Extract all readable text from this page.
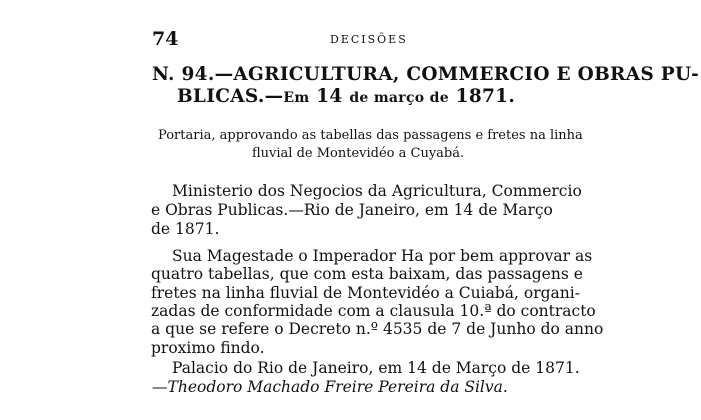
74	DECISÕES
N. 94.—AGRICULTURA, COMMERCIO E OBRAS PU-
BLICAS.—Em 14 de março de 1871.
Portaria, approvando as tabellas das passagens e fretes na linha
fluvial de Montevidéo a Cuyabá.
Ministerio dos Negocios da Agricultura, Commercio
e Obras Publicas.—Rio de Janeiro, em 14 de Março
de 1871.
Sua Magestade o Imperador Ha por bem approvar as
quatro tabellas, que com esta baixam, das passagens e
fretes na linha fluvial de Montevidéo a Cuiabá, organi-
zadas de conformidade com a clausula 10.ª do contracto
a que se refere o Decreto n.º 4535 de 7 de Junho do anno
proximo findo.
Palacio do Rio de Janeiro, em 14 de Março de 1871.
—Theodoro Machado Freire Pereira da Silva.
